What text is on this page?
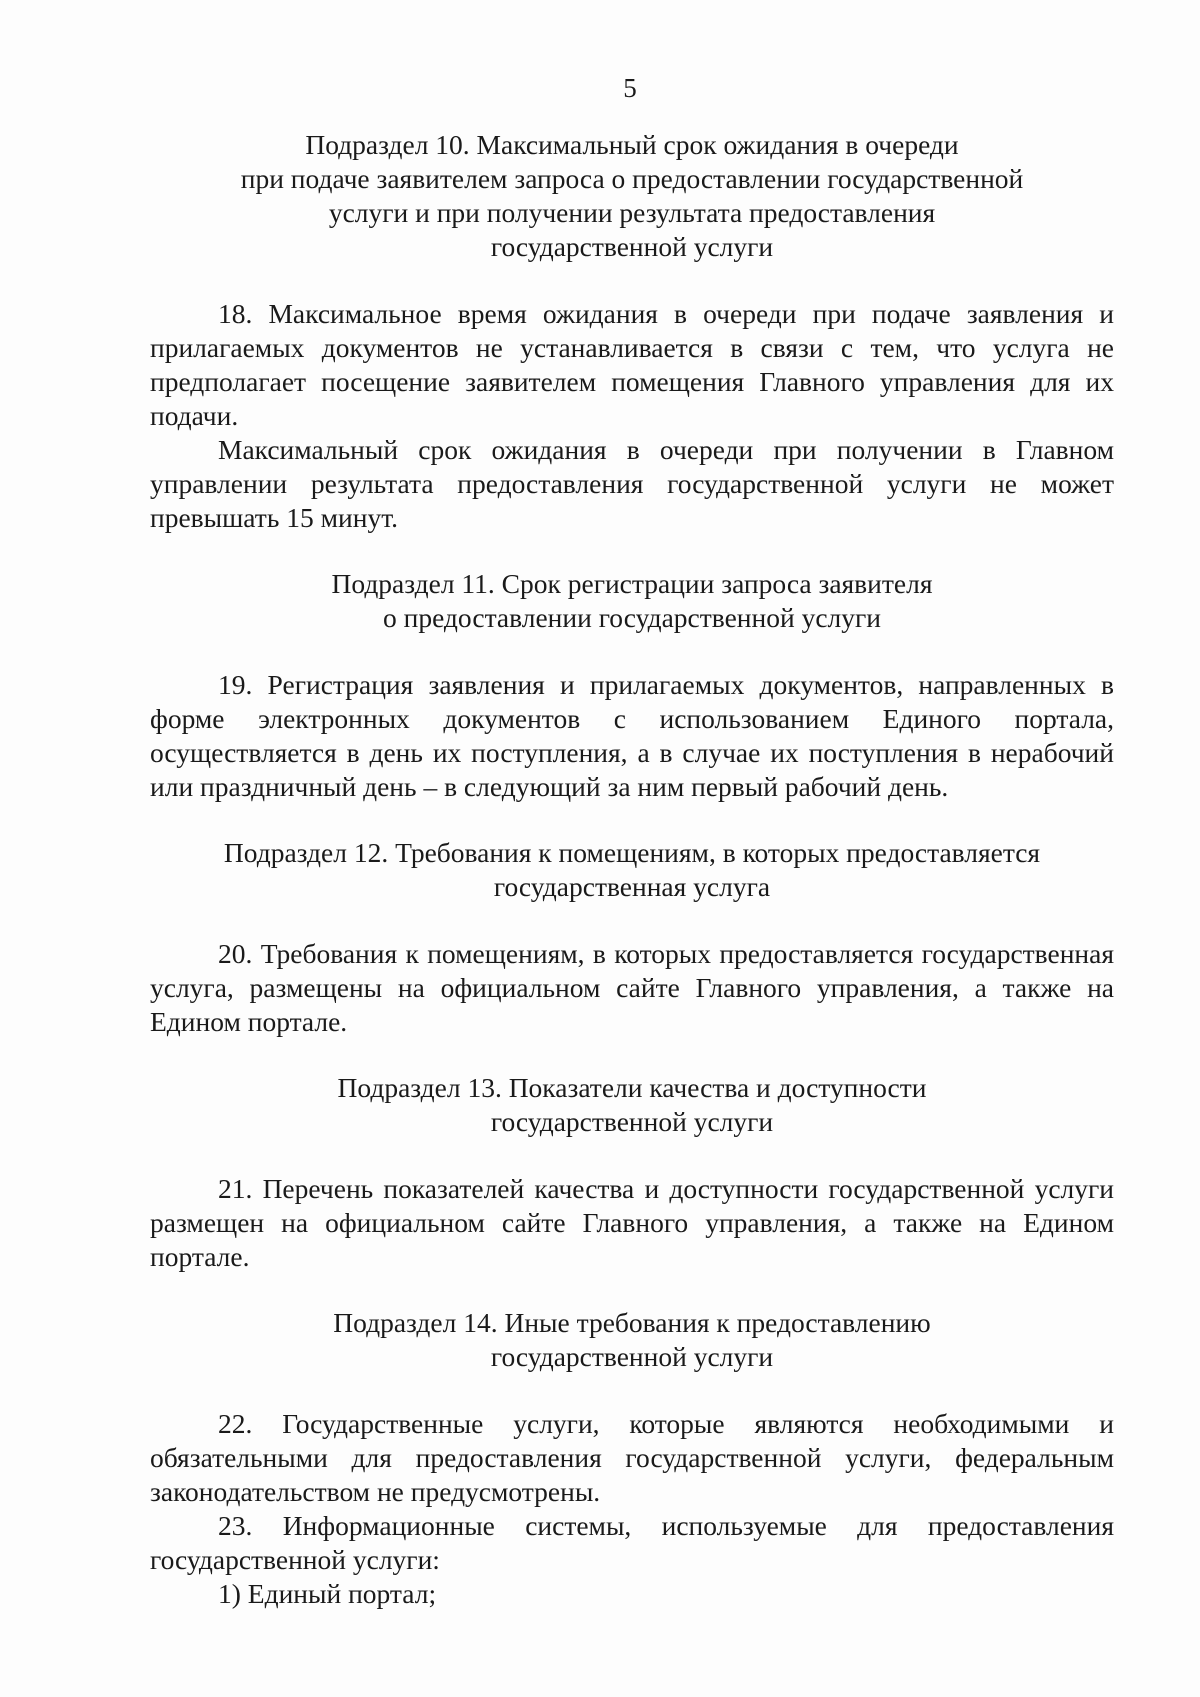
5
Подраздел 10. Максимальный срок ожидания в очереди
при подаче заявителем запроса о предоставлении государственной
услуги и при получении результата предоставления
государственной услуги

18. Максимальное время ожидания в очереди при подаче заявления и прилагаемых документов не устанавливается в связи с тем, что услуга не предполагает посещение заявителем помещения Главного управления для их подачи.

Максимальный срок ожидания в очереди при получении в Главном управлении результата предоставления государственной услуги не может превышать 15 минут.

Подраздел 11. Срок регистрации запроса заявителя
о предоставлении государственной услуги

19. Регистрация заявления и прилагаемых документов, направленных в форме электронных документов с использованием Единого портала, осуществляется в день их поступления, а в случае их поступления в нерабочий или праздничный день – в следующий за ним первый рабочий день.

Подраздел 12. Требования к помещениям, в которых предоставляется
государственная услуга

20. Требования к помещениям, в которых предоставляется государственная услуга, размещены на официальном сайте Главного управления, а также на Едином портале.

Подраздел 13. Показатели качества и доступности
государственной услуги

21. Перечень показателей качества и доступности государственной услуги размещен на официальном сайте Главного управления, а также на Едином портале.

Подраздел 14. Иные требования к предоставлению
государственной услуги

22. Государственные услуги, которые являются необходимыми и обязательными для предоставления государственной услуги, федеральным законодательством не предусмотрены.

23. Информационные системы, используемые для предоставления государственной услуги:

1) Единый портал;
